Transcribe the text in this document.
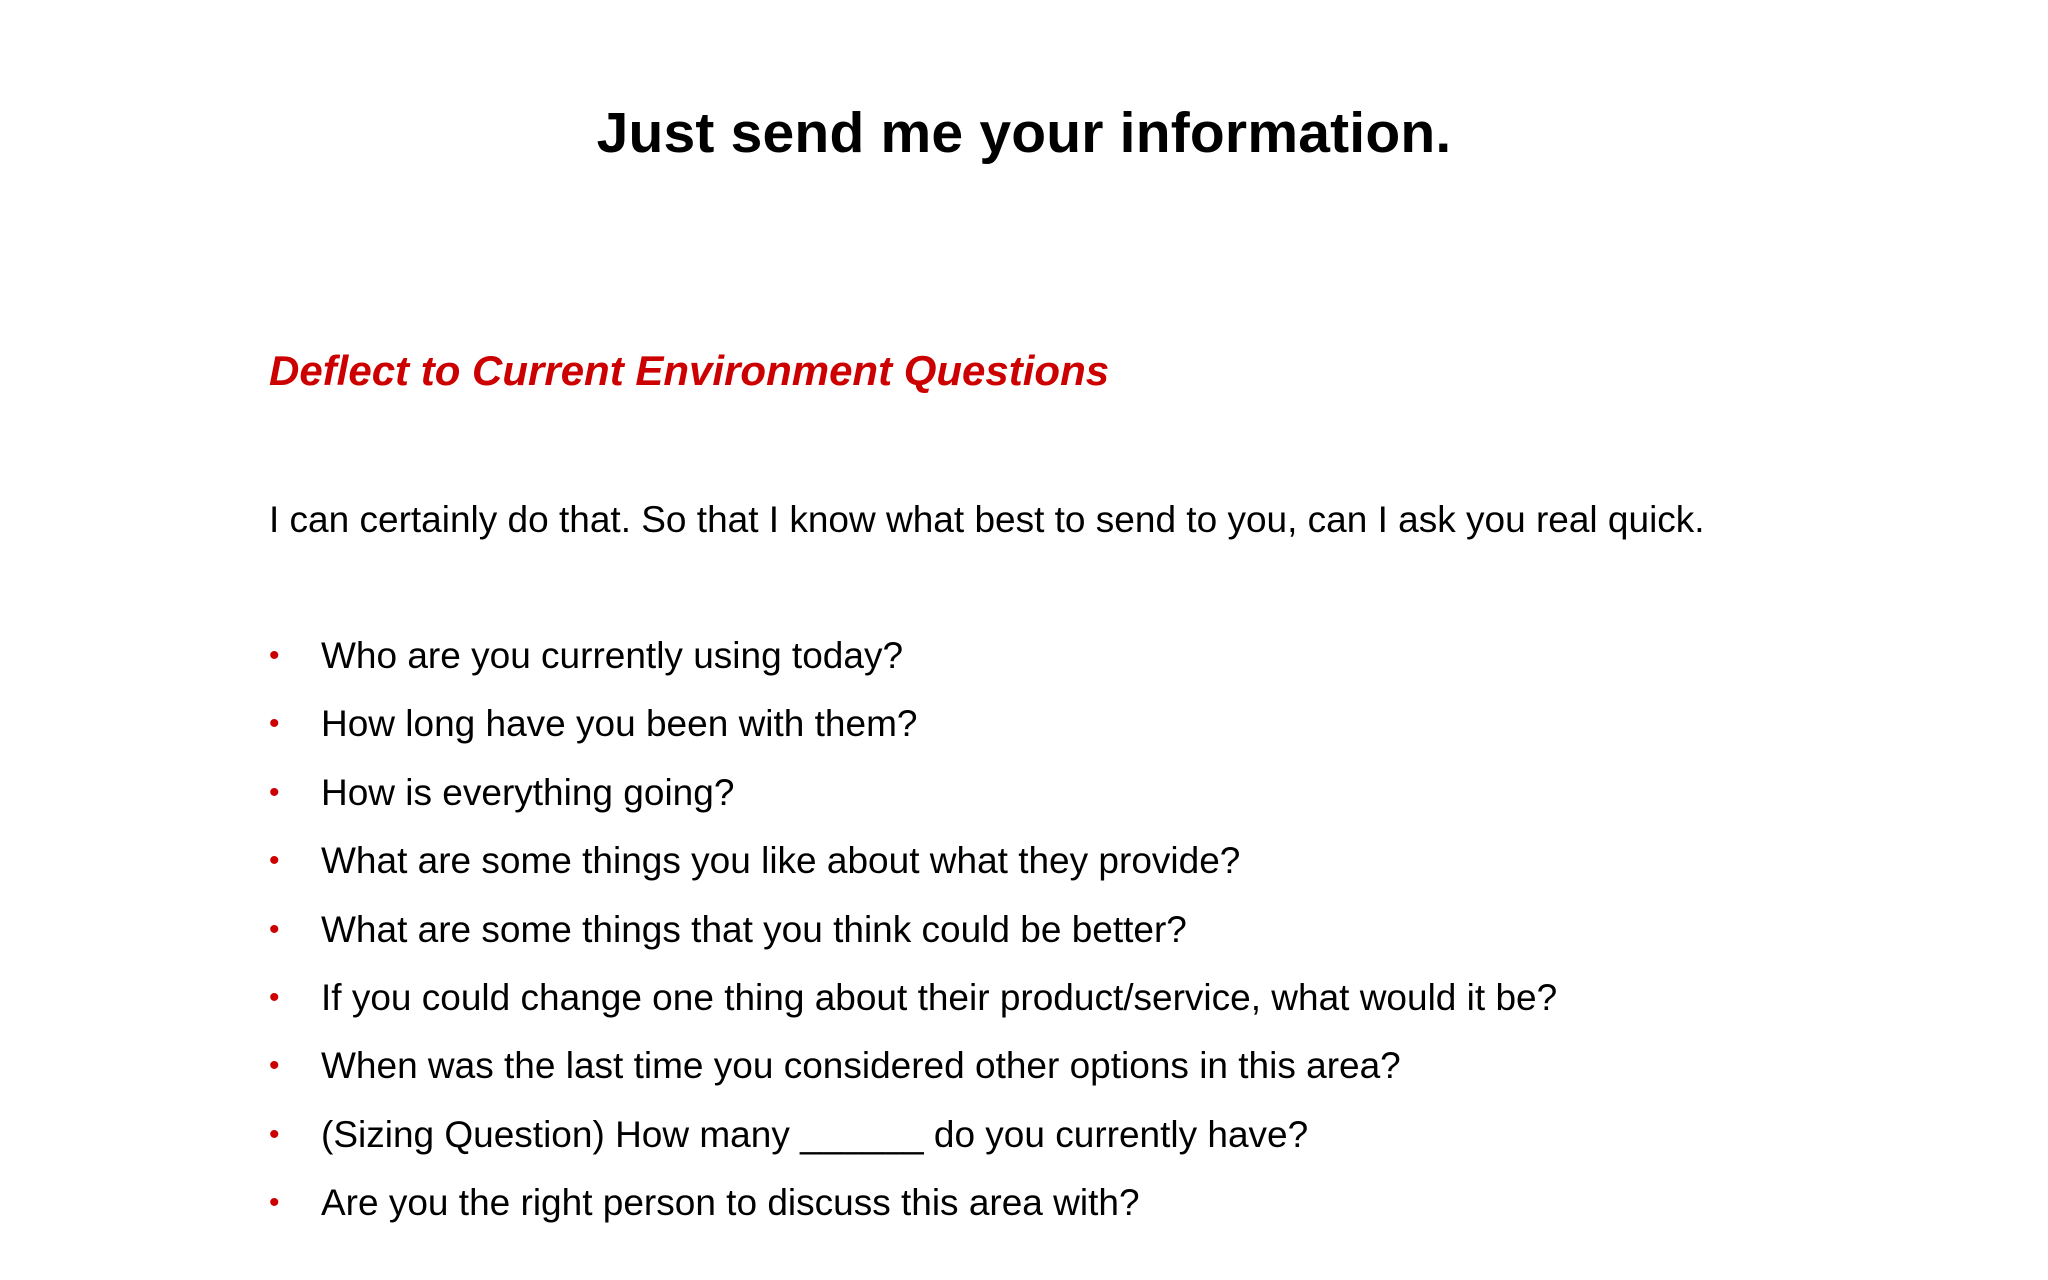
Just send me your information.
Deflect to Current Environment Questions
I can certainly do that. So that I know what best to send to you, can I ask you real quick.
• Who are you currently using today?
• How long have you been with them?
• How is everything going?
• What are some things you like about what they provide?
• What are some things that you think could be better?
• If you could change one thing about their product/service, what would it be?
• When was the last time you considered other options in this area?
• (Sizing Question) How many ______ do you currently have?
• Are you the right person to discuss this area with?
